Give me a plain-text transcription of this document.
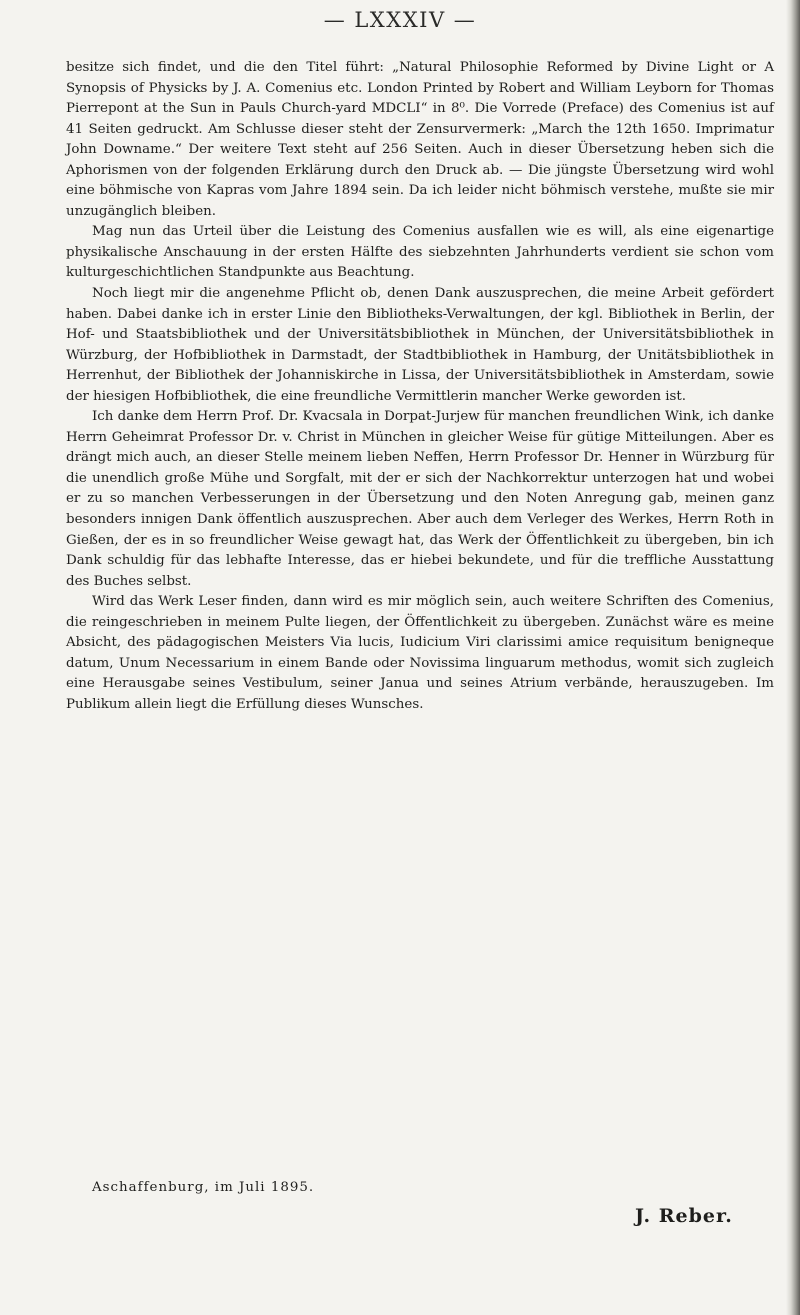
— LXXXIV —

besitze sich findet, und die den Titel führt: „Natural Philosophie Reformed by Divine Light or A Synopsis of Physicks by J. A. Comenius etc. London Printed by Robert and William Leyborn for Thomas Pierrepont at the Sun in Pauls Church-yard MDCLI“ in 8⁰. Die Vorrede (Preface) des Comenius ist auf 41 Seiten gedruckt. Am Schlusse dieser steht der Zensurvermerk: „March the 12th 1650. Imprimatur John Downame.“ Der weitere Text steht auf 256 Seiten. Auch in dieser Übersetzung heben sich die Aphorismen von der folgenden Erklärung durch den Druck ab. — Die jüngste Übersetzung wird wohl eine böhmische von Kapras vom Jahre 1894 sein. Da ich leider nicht böhmisch verstehe, mußte sie mir unzugänglich bleiben.

Mag nun das Urteil über die Leistung des Comenius ausfallen wie es will, als eine eigenartige physikalische Anschauung in der ersten Hälfte des siebzehnten Jahrhunderts verdient sie schon vom kulturgeschichtlichen Standpunkte aus Beachtung.

Noch liegt mir die angenehme Pflicht ob, denen Dank auszusprechen, die meine Arbeit gefördert haben. Dabei danke ich in erster Linie den Bibliotheks-Verwaltungen, der kgl. Bibliothek in Berlin, der Hof- und Staatsbibliothek und der Universitätsbibliothek in München, der Universitätsbibliothek in Würzburg, der Hofbibliothek in Darmstadt, der Stadtbibliothek in Hamburg, der Unitätsbibliothek in Herrenhut, der Bibliothek der Johanniskirche in Lissa, der Universitätsbibliothek in Amsterdam, sowie der hiesigen Hofbibliothek, die eine freundliche Vermittlerin mancher Werke geworden ist.

Ich danke dem Herrn Prof. Dr. Kvacsala in Dorpat-Jurjew für manchen freundlichen Wink, ich danke Herrn Geheimrat Professor Dr. v. Christ in München in gleicher Weise für gütige Mitteilungen. Aber es drängt mich auch, an dieser Stelle meinem lieben Neffen, Herrn Professor Dr. Henner in Würzburg für die unendlich große Mühe und Sorgfalt, mit der er sich der Nachkorrektur unterzogen hat und wobei er zu so manchen Verbesserungen in der Übersetzung und den Noten Anregung gab, meinen ganz besonders innigen Dank öffentlich auszusprechen. Aber auch dem Verleger des Werkes, Herrn Roth in Gießen, der es in so freundlicher Weise gewagt hat, das Werk der Öffentlichkeit zu übergeben, bin ich Dank schuldig für das lebhafte Interesse, das er hiebei bekundete, und für die treffliche Ausstattung des Buches selbst.

Wird das Werk Leser finden, dann wird es mir möglich sein, auch weitere Schriften des Comenius, die reingeschrieben in meinem Pulte liegen, der Öffentlichkeit zu übergeben. Zunächst wäre es meine Absicht, des pädagogischen Meisters Via lucis, Iudicium Viri clarissimi amice requisitum benigneque datum, Unum Necessarium in einem Bande oder Novissima linguarum methodus, womit sich zugleich eine Herausgabe seines Vestibulum, seiner Janua und seines Atrium verbände, herauszugeben. Im Publikum allein liegt die Erfüllung dieses Wunsches.

Aschaffenburg, im Juli 1895.
J. Reber.
